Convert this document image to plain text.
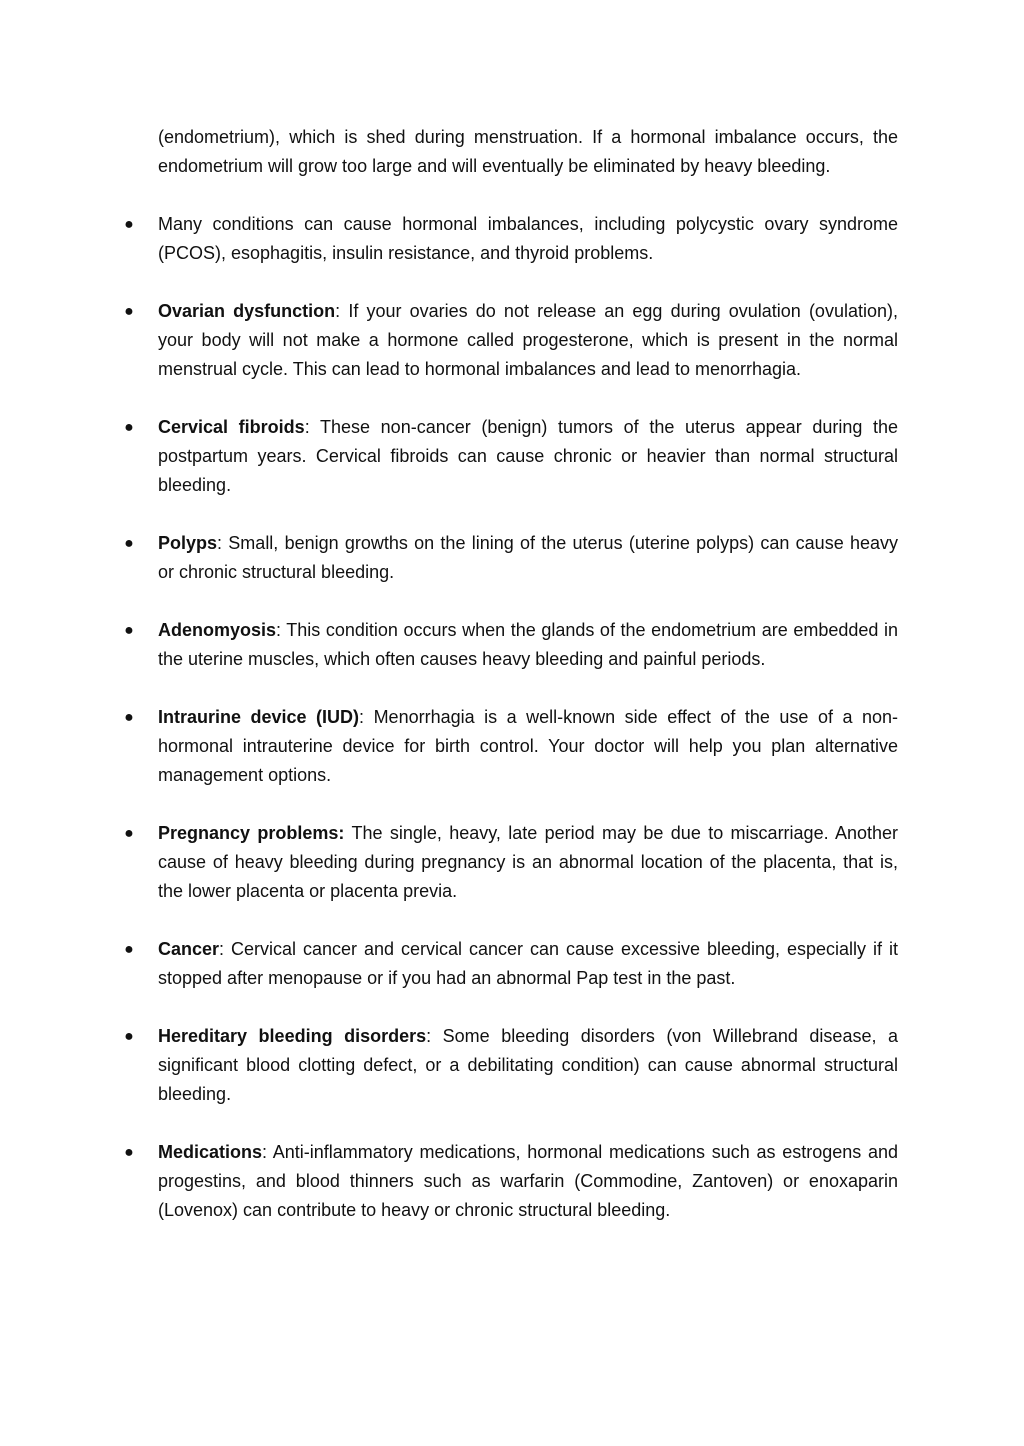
(endometrium), which is shed during menstruation. If a hormonal imbalance occurs, the endometrium will grow too large and will eventually be eliminated by heavy bleeding.

● Many conditions can cause hormonal imbalances, including polycystic ovary syndrome (PCOS), esophagitis, insulin resistance, and thyroid problems.
● Ovarian dysfunction: If your ovaries do not release an egg during ovulation (ovulation), your body will not make a hormone called progesterone, which is present in the normal menstrual cycle. This can lead to hormonal imbalances and lead to menorrhagia.
● Cervical fibroids: These non-cancer (benign) tumors of the uterus appear during the postpartum years. Cervical fibroids can cause chronic or heavier than normal structural bleeding.
● Polyps: Small, benign growths on the lining of the uterus (uterine polyps) can cause heavy or chronic structural bleeding.
● Adenomyosis: This condition occurs when the glands of the endometrium are embedded in the uterine muscles, which often causes heavy bleeding and painful periods.
● Intraurine device (IUD): Menorrhagia is a well-known side effect of the use of a non-hormonal intrauterine device for birth control. Your doctor will help you plan alternative management options.
● Pregnancy problems: The single, heavy, late period may be due to miscarriage. Another cause of heavy bleeding during pregnancy is an abnormal location of the placenta, that is, the lower placenta or placenta previa.
● Cancer: Cervical cancer and cervical cancer can cause excessive bleeding, especially if it stopped after menopause or if you had an abnormal Pap test in the past.
● Hereditary bleeding disorders: Some bleeding disorders (von Willebrand disease, a significant blood clotting defect, or a debilitating condition) can cause abnormal structural bleeding.
● Medications: Anti-inflammatory medications, hormonal medications such as estrogens and progestins, and blood thinners such as warfarin (Commodine, Zantoven) or enoxaparin (Lovenox) can contribute to heavy or chronic structural bleeding.
